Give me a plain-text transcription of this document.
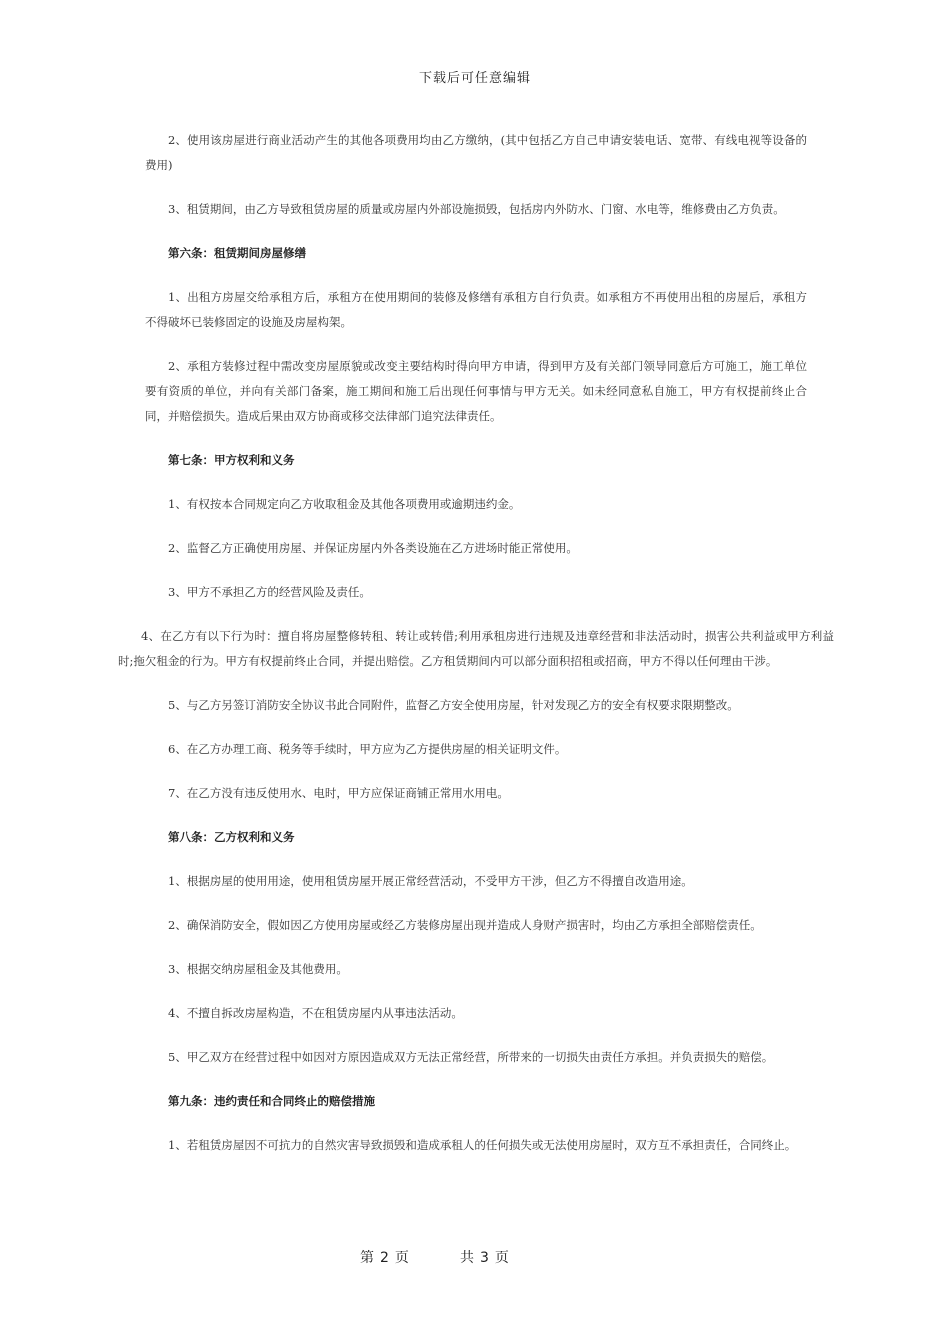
下载后可任意编辑

2、使用该房屋进行商业活动产生的其他各项费用均由乙方缴纳，(其中包括乙方自己申请安装电话、宽带、有线电视等设备的费用)

3、租赁期间，由乙方导致租赁房屋的质量或房屋内外部设施损毁，包括房内外防水、门窗、水电等，维修费由乙方负责。

第六条：租赁期间房屋修缮

1、出租方房屋交给承租方后，承租方在使用期间的装修及修缮有承租方自行负责。如承租方不再使用出租的房屋后，承租方不得破坏已装修固定的设施及房屋构架。

2、承租方装修过程中需改变房屋原貌或改变主要结构时得向甲方申请，得到甲方及有关部门领导同意后方可施工，施工单位要有资质的单位，并向有关部门备案，施工期间和施工后出现任何事情与甲方无关。如未经同意私自施工，甲方有权提前终止合同，并赔偿损失。造成后果由双方协商或移交法律部门追究法律责任。

第七条：甲方权利和义务

1、有权按本合同规定向乙方收取租金及其他各项费用或逾期违约金。

2、监督乙方正确使用房屋、并保证房屋内外各类设施在乙方进场时能正常使用。

3、甲方不承担乙方的经营风险及责任。

4、在乙方有以下行为时：擅自将房屋整修转租、转让或转借;利用承租房进行违规及违章经营和非法活动时，损害公共利益或甲方利益时;拖欠租金的行为。甲方有权提前终止合同，并提出赔偿。乙方租赁期间内可以部分面积招租或招商，甲方不得以任何理由干涉。

5、与乙方另签订消防安全协议书此合同附件，监督乙方安全使用房屋，针对发现乙方的安全有权要求限期整改。

6、在乙方办理工商、税务等手续时，甲方应为乙方提供房屋的相关证明文件。

7、在乙方没有违反使用水、电时，甲方应保证商铺正常用水用电。

第八条：乙方权利和义务

1、根据房屋的使用用途，使用租赁房屋开展正常经营活动，不受甲方干涉，但乙方不得擅自改造用途。

2、确保消防安全，假如因乙方使用房屋或经乙方装修房屋出现并造成人身财产损害时，均由乙方承担全部赔偿责任。

3、根据交纳房屋租金及其他费用。

4、不擅自拆改房屋构造，不在租赁房屋内从事违法活动。

5、甲乙双方在经营过程中如因对方原因造成双方无法正常经营，所带来的一切损失由责任方承担。并负责损失的赔偿。

第九条：违约责任和合同终止的赔偿措施

1、若租赁房屋因不可抗力的自然灾害导致损毁和造成承租人的任何损失或无法使用房屋时，双方互不承担责任，合同终止。

第 2 页	共 3 页
